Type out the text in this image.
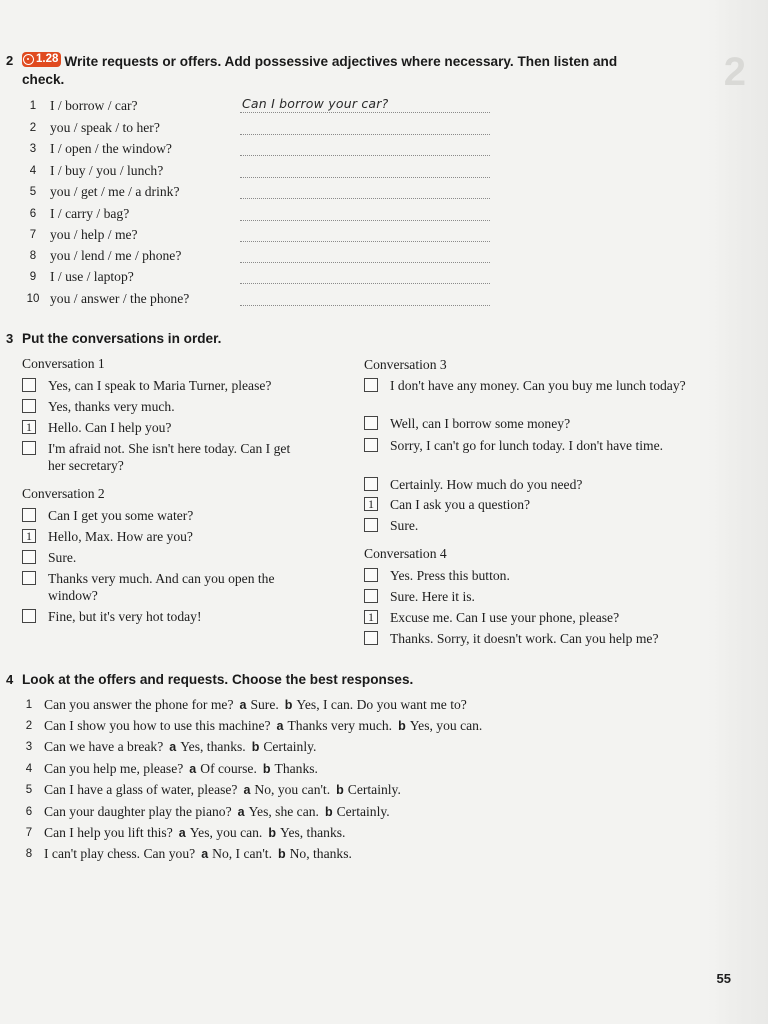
2
2 1.28 Write requests or offers. Add possessive adjectives where necessary. Then listen and check.
1 I / borrow / car?	Can I borrow your car?
2 you / speak / to her?
3 I / open / the window?
4 I / buy / you / lunch?
5 you / get / me / a drink?
6 I / carry / bag?
7 you / help / me?
8 you / lend / me / phone?
9 I / use / laptop?
10 you / answer / the phone?
3 Put the conversations in order.
Conversation 1
Yes, can I speak to Maria Turner, please?
Yes, thanks very much.
1 Hello. Can I help you?
I'm afraid not. She isn't here today. Can I get her secretary?
Conversation 2
Can I get you some water?
1 Hello, Max. How are you?
Sure.
Thanks very much. And can you open the window?
Fine, but it's very hot today!
Conversation 3
I don't have any money. Can you buy me lunch today?
Well, can I borrow some money?
Sorry, I can't go for lunch today. I don't have time.
Certainly. How much do you need?
1 Can I ask you a question?
Sure.
Conversation 4
Yes. Press this button.
Sure. Here it is.
1 Excuse me. Can I use your phone, please?
Thanks. Sorry, it doesn't work. Can you help me?
4 Look at the offers and requests. Choose the best responses.
1 Can you answer the phone for me? a Sure. b Yes, I can. Do you want me to?
2 Can I show you how to use this machine? a Thanks very much. b Yes, you can.
3 Can we have a break? a Yes, thanks. b Certainly.
4 Can you help me, please? a Of course. b Thanks.
5 Can I have a glass of water, please? a No, you can't. b Certainly.
6 Can your daughter play the piano? a Yes, she can. b Certainly.
7 Can I help you lift this? a Yes, you can. b Yes, thanks.
8 I can't play chess. Can you? a No, I can't. b No, thanks.
55
